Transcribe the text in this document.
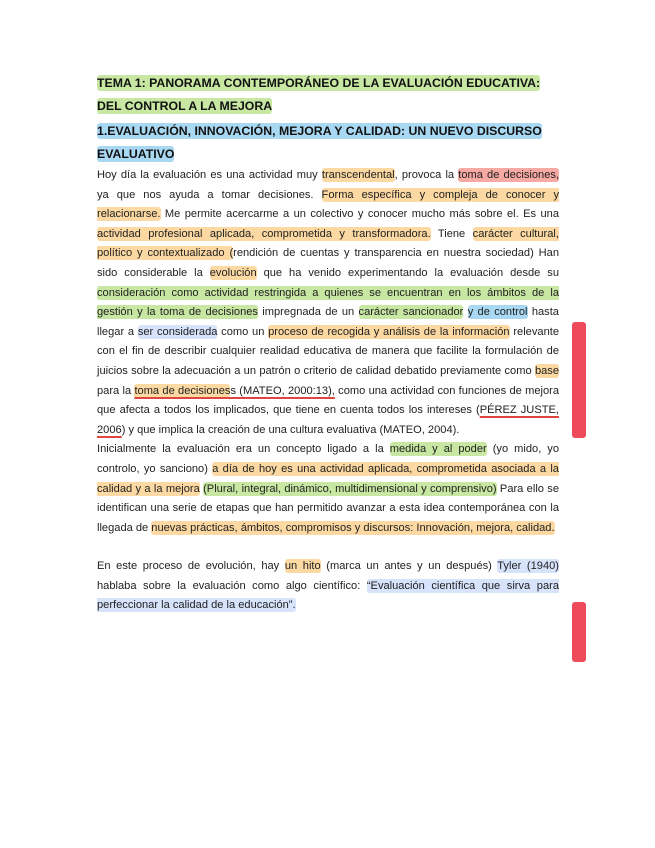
TEMA 1: PANORAMA CONTEMPORÁNEO DE LA EVALUACIÓN EDUCATIVA:
DEL CONTROL A LA MEJORA
1.EVALUACIÓN, INNOVACIÓN, MEJORA Y CALIDAD: UN NUEVO DISCURSO
EVALUATIVO

Hoy día la evaluación es una actividad muy transcendental, provoca la toma de decisiones, ya que nos ayuda a tomar decisiones. Forma específica y compleja de conocer y relacionarse. Me permite acercarme a un colectivo y conocer mucho más sobre el. Es una actividad profesional aplicada, comprometida y transformadora. Tiene carácter cultural, político y contextualizado (rendición de cuentas y transparencia en nuestra sociedad) Han sido considerable la evolución que ha venido experimentando la evaluación desde su consideración como actividad restringida a quienes se encuentran en los ámbitos de la gestión y la toma de decisiones impregnada de un carácter sancionador y de control hasta llegar a ser considerada como un proceso de recogida y análisis de la información relevante con el fin de describir cualquier realidad educativa de manera que facilite la formulación de juicios sobre la adecuación a un patrón o criterio de calidad debatido previamente como base para la toma de decisioness (MATEO, 2000:13), como una actividad con funciones de mejora que afecta a todos los implicados, que tiene en cuenta todos los intereses (PÉREZ JUSTE, 2006) y que implica la creación de una cultura evaluativa (MATEO, 2004).

Inicialmente la evaluación era un concepto ligado a la medida y al poder (yo mido, yo controlo, yo sanciono) a día de hoy es una actividad aplicada, comprometida asociada a la calidad y a la mejora (Plural, integral, dinámico, multidimensional y comprensivo) Para ello se identifican una serie de etapas que han permitido avanzar a esta idea contemporánea con la llegada de nuevas prácticas, ámbitos, compromisos y discursos: Innovación, mejora, calidad.

En este proceso de evolución, hay un hito (marca un antes y un después) Tyler (1940) hablaba sobre la evaluación como algo científico: “Evaluación científica que sirva para perfeccionar la calidad de la educación”.
